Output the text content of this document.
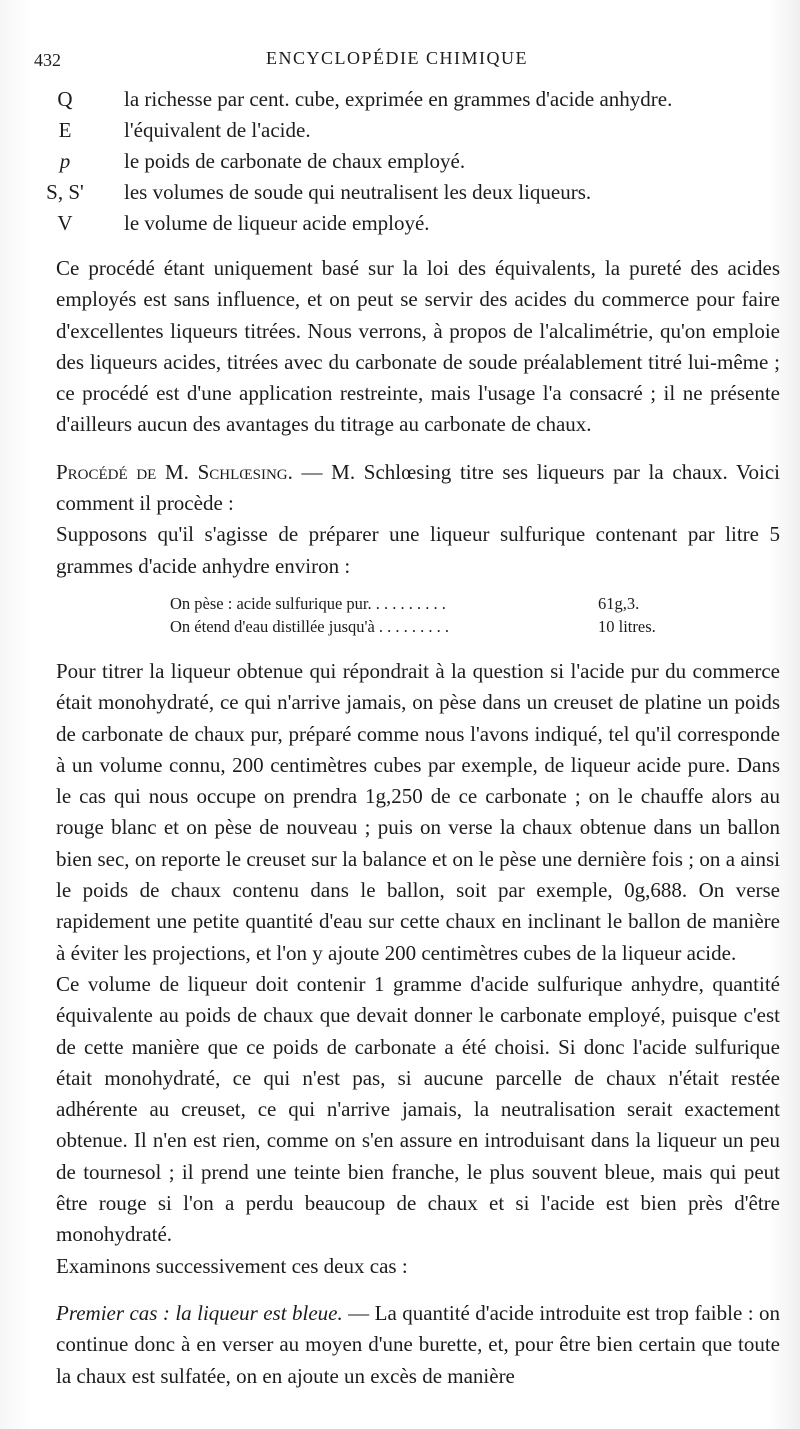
432	ENCYCLOPÉDIE CHIMIQUE
Q	la richesse par cent. cube, exprimée en grammes d'acide anhydre.
E	l'équivalent de l'acide.
p	le poids de carbonate de chaux employé.
S, S'	les volumes de soude qui neutralisent les deux liqueurs.
V	le volume de liqueur acide employé.

Ce procédé étant uniquement basé sur la loi des équivalents, la pureté des acides employés est sans influence, et on peut se servir des acides du commerce pour faire d'excellentes liqueurs titrées. Nous verrons, à propos de l'alcalimétrie, qu'on emploie des liqueurs acides, titrées avec du carbonate de soude préalablement titré lui-même ; ce procédé est d'une application restreinte, mais l'usage l'a consacré ; il ne présente d'ailleurs aucun des avantages du titrage au carbonate de chaux.

Procédé de M. Schlœsing. — M. Schlœsing titre ses liqueurs par la chaux. Voici comment il procède :

Supposons qu'il s'agisse de préparer une liqueur sulfurique contenant par litre 5 grammes d'acide anhydre environ :

On pèse : acide sulfurique pur. . . . . . . . . .	61g,3.
On étend d'eau distillée jusqu'à . . . . . . . . .	10 litres.

Pour titrer la liqueur obtenue qui répondrait à la question si l'acide pur du commerce était monohydraté, ce qui n'arrive jamais, on pèse dans un creuset de platine un poids de carbonate de chaux pur, préparé comme nous l'avons indiqué, tel qu'il corresponde à un volume connu, 200 centimètres cubes par exemple, de liqueur acide pure. Dans le cas qui nous occupe on prendra 1g,250 de ce carbonate ; on le chauffe alors au rouge blanc et on pèse de nouveau ; puis on verse la chaux obtenue dans un ballon bien sec, on reporte le creuset sur la balance et on le pèse une dernière fois ; on a ainsi le poids de chaux contenu dans le ballon, soit par exemple, 0g,688. On verse rapidement une petite quantité d'eau sur cette chaux en inclinant le ballon de manière à éviter les projections, et l'on y ajoute 200 centimètres cubes de la liqueur acide.

Ce volume de liqueur doit contenir 1 gramme d'acide sulfurique anhydre, quantité équivalente au poids de chaux que devait donner le carbonate employé, puisque c'est de cette manière que ce poids de carbonate a été choisi. Si donc l'acide sulfurique était monohydraté, ce qui n'est pas, si aucune parcelle de chaux n'était restée adhérente au creuset, ce qui n'arrive jamais, la neutralisation serait exactement obtenue. Il n'en est rien, comme on s'en assure en introduisant dans la liqueur un peu de tournesol ; il prend une teinte bien franche, le plus souvent bleue, mais qui peut être rouge si l'on a perdu beaucoup de chaux et si l'acide est bien près d'être monohydraté.

Examinons successivement ces deux cas :

Premier cas : la liqueur est bleue. — La quantité d'acide introduite est trop faible : on continue donc à en verser au moyen d'une burette, et, pour être bien certain que toute la chaux est sulfatée, on en ajoute un excès de manière
